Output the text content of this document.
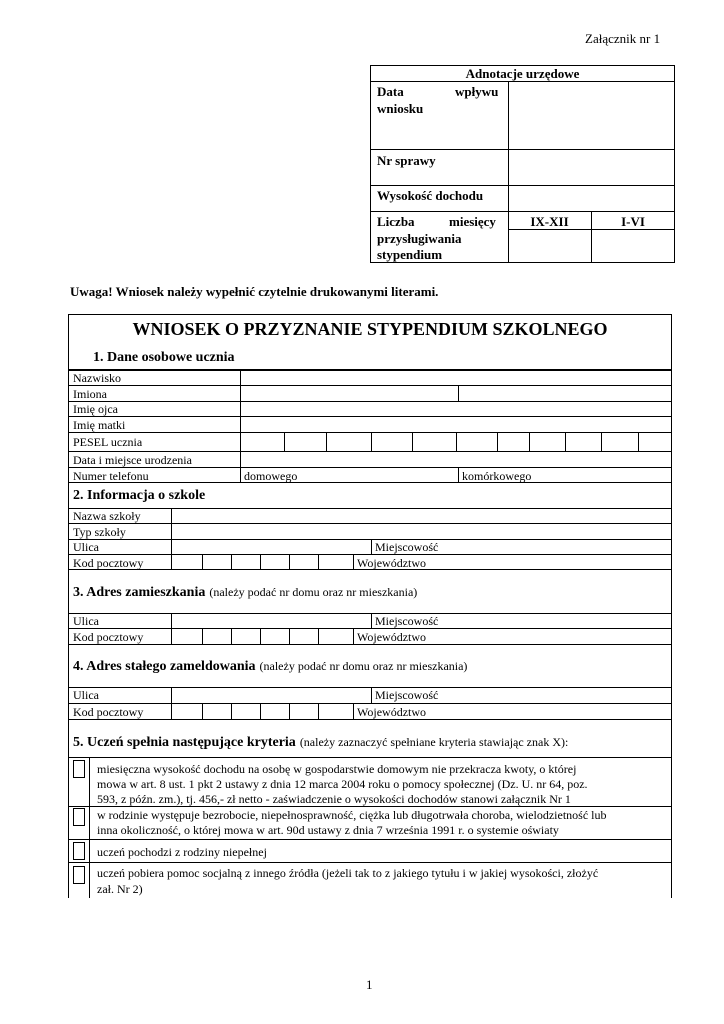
Załącznik nr 1
Adnotacje urzędowe
Data	wpływu
wniosku
Nr sprawy
Wysokość dochodu
Liczba	miesięcy
przysługiwania
stypendium
IX-XII	I-VI
Uwaga! Wniosek należy wypełnić czytelnie drukowanymi literami.
WNIOSEK O PRZYZNANIE STYPENDIUM SZKOLNEGO
1. Dane osobowe ucznia
Nazwisko
Imiona
Imię ojca
Imię matki
PESEL ucznia
Data i miejsce urodzenia
Numer telefonu	domowego	komórkowego
2. Informacja o szkole
Nazwa szkoły
Typ szkoły
Ulica	Miejscowość
Kod pocztowy	Województwo
3. Adres zamieszkania (należy podać nr domu oraz nr mieszkania)
Ulica	Miejscowość
Kod pocztowy	Województwo
4. Adres stałego zameldowania (należy podać nr domu oraz nr mieszkania)
Ulica	Miejscowość
Kod pocztowy	Województwo
5. Uczeń spełnia następujące kryteria (należy zaznaczyć spełniane kryteria stawiając znak X):
miesięczna wysokość dochodu na osobę w gospodarstwie domowym nie przekracza kwoty, o której
mowa w art. 8 ust. 1 pkt 2 ustawy z dnia 12 marca 2004 roku o pomocy społecznej (Dz. U. nr 64, poz.
593, z późn. zm.), tj. 456,- zł netto - zaświadczenie o wysokości dochodów stanowi załącznik Nr 1
w rodzinie występuje bezrobocie, niepełnosprawność, ciężka lub długotrwała choroba, wielodzietność lub
inna okoliczność, o której mowa w art. 90d ustawy z dnia 7 września 1991 r. o systemie oświaty
uczeń pochodzi z rodziny niepełnej
uczeń pobiera pomoc socjalną z innego źródła (jeżeli tak to z jakiego tytułu i w jakiej wysokości, złożyć
zał. Nr 2)
1
